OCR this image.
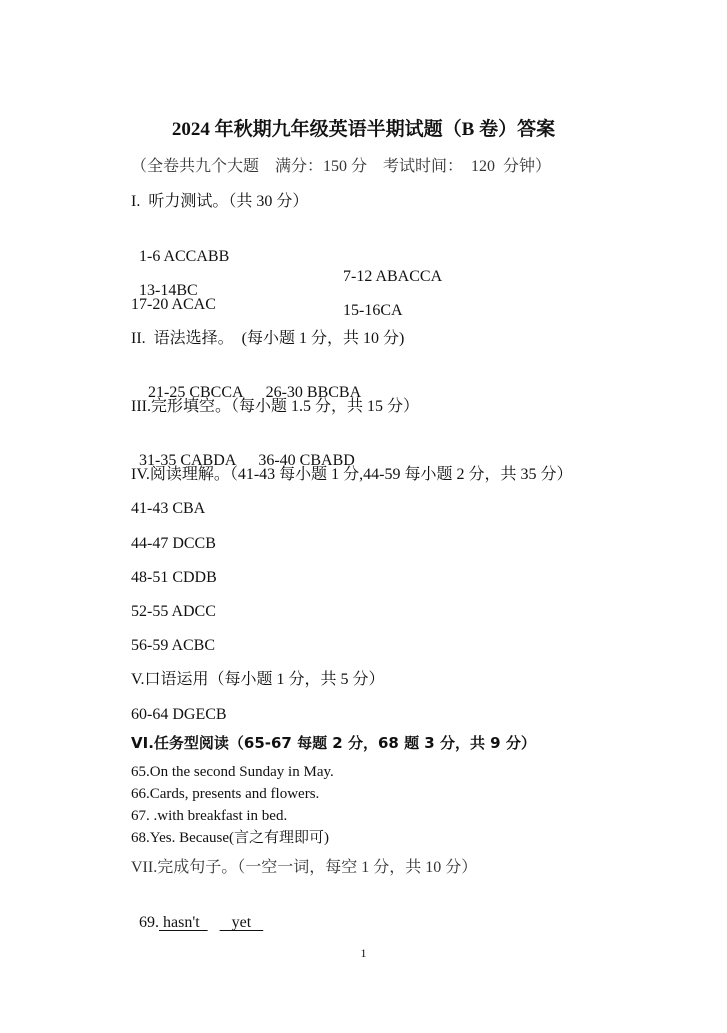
2024 年秋期九年级英语半期试题（B 卷）答案
（全卷共九个大题    满分：150 分    考试时间：  120  分钟）
I.  听力测试。（共 30 分）

1-6 ACCABB

7-12 ABACCA

13-14BC

15-16CA

17-20 ACAC
II.  语法选择。  (每小题 1 分，共 10 分)

21-25 CBCCA 26-30 BBCBA

III.完形填空。（每小题 1.5 分，共 15 分）

31-35 CABDA 36-40 CBABD

IV.阅读理解。（41-43 每小题 1 分,44-59 每小题 2 分，共 35 分）
41-43 CBA
44-47 DCCB
48-51 CDDB
52-55 ADCC
56-59 ACBC
V.口语运用（每小题 1 分，共 5 分）
60-64 DGECB
VI.任务型阅读（65-67 每题 2 分，68 题 3 分，共 9 分）
65.On the second Sunday in May.
66.Cards, presents and flowers.
67. .with breakfast in bed.
68.Yes. Because(言之有理即可)
VII.完成句子。（一空一词，每空 1 分，共 10 分）

69. hasn't        yet

1
